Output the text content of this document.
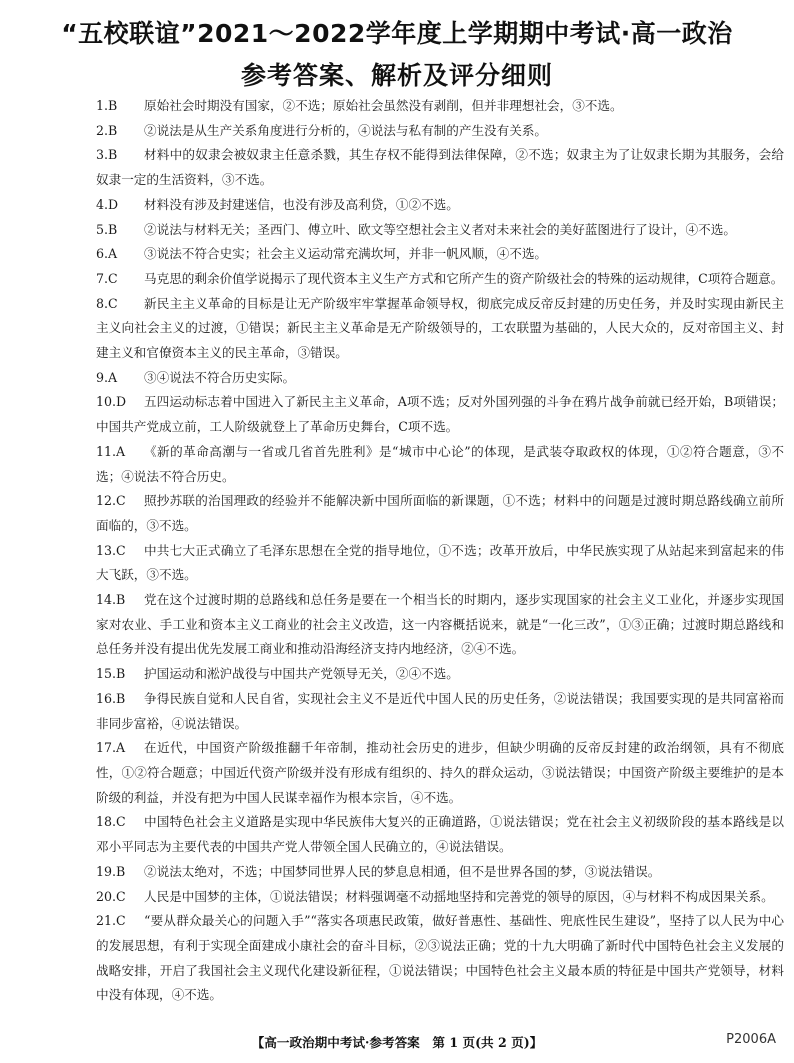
“五校联谊”2021～2022学年度上学期期中考试·高一政治
参考答案、解析及评分细则
1.B	原始社会时期没有国家，②不选；原始社会虽然没有剥削，但并非理想社会，③不选。
2.B	②说法是从生产关系角度进行分析的，④说法与私有制的产生没有关系。
3.B	材料中的奴隶会被奴隶主任意杀戮，其生存权不能得到法律保障，②不选；奴隶主为了让奴隶长期为其服务，会给奴隶一定的生活资料，③不选。
4.D	材料没有涉及封建迷信，也没有涉及高利贷，①②不选。
5.B	②说法与材料无关；圣西门、傅立叶、欧文等空想社会主义者对未来社会的美好蓝图进行了设计，④不选。
6.A	③说法不符合史实；社会主义运动常充满坎坷，并非一帆风顺，④不选。
7.C	马克思的剩余价值学说揭示了现代资本主义生产方式和它所产生的资产阶级社会的特殊的运动规律，C项符合题意。
8.C	新民主主义革命的目标是让无产阶级牢牢掌握革命领导权，彻底完成反帝反封建的历史任务，并及时实现由新民主主义向社会主义的过渡，①错误；新民主主义革命是无产阶级领导的，工农联盟为基础的，人民大众的，反对帝国主义、封建主义和官僚资本主义的民主革命，③错误。
9.A	③④说法不符合历史实际。
10.D	五四运动标志着中国进入了新民主主义革命，A项不选；反对外国列强的斗争在鸦片战争前就已经开始，B项错误；中国共产党成立前，工人阶级就登上了革命历史舞台，C项不选。
11.A	《新的革命高潮与一省或几省首先胜利》是“城市中心论”的体现，是武装夺取政权的体现，①②符合题意，③不选；④说法不符合历史。
12.C	照抄苏联的治国理政的经验并不能解决新中国所面临的新课题，①不选；材料中的问题是过渡时期总路线确立前所面临的，③不选。
13.C	中共七大正式确立了毛泽东思想在全党的指导地位，①不选；改革开放后，中华民族实现了从站起来到富起来的伟大飞跃，③不选。
14.B	党在这个过渡时期的总路线和总任务是要在一个相当长的时期内，逐步实现国家的社会主义工业化，并逐步实现国家对农业、手工业和资本主义工商业的社会主义改造，这一内容概括说来，就是“一化三改”，①③正确；过渡时期总路线和总任务并没有提出优先发展工商业和推动沿海经济支持内地经济，②④不选。
15.B	护国运动和淞沪战役与中国共产党领导无关，②④不选。
16.B	争得民族自觉和人民自省，实现社会主义不是近代中国人民的历史任务，②说法错误；我国要实现的是共同富裕而非同步富裕，④说法错误。
17.A	在近代，中国资产阶级推翻千年帝制，推动社会历史的进步，但缺少明确的反帝反封建的政治纲领，具有不彻底性，①②符合题意；中国近代资产阶级并没有形成有组织的、持久的群众运动，③说法错误；中国资产阶级主要维护的是本阶级的利益，并没有把为中国人民谋幸福作为根本宗旨，④不选。
18.C	中国特色社会主义道路是实现中华民族伟大复兴的正确道路，①说法错误；党在社会主义初级阶段的基本路线是以邓小平同志为主要代表的中国共产党人带领全国人民确立的，④说法错误。
19.B	②说法太绝对，不选；中国梦同世界人民的梦息息相通，但不是世界各国的梦，③说法错误。
20.C	人民是中国梦的主体，①说法错误；材料强调毫不动摇地坚持和完善党的领导的原因，④与材料不构成因果关系。
21.C	“要从群众最关心的问题入手”“落实各项惠民政策，做好普惠性、基础性、兜底性民生建设”，坚持了以人民为中心的发展思想，有利于实现全面建成小康社会的奋斗目标，②③说法正确；党的十九大明确了新时代中国特色社会主义发展的战略安排，开启了我国社会主义现代化建设新征程，①说法错误；中国特色社会主义最本质的特征是中国共产党领导，材料中没有体现，④不选。
【高一政治期中考试·参考答案　第 1 页(共 2 页)】	P2006A
